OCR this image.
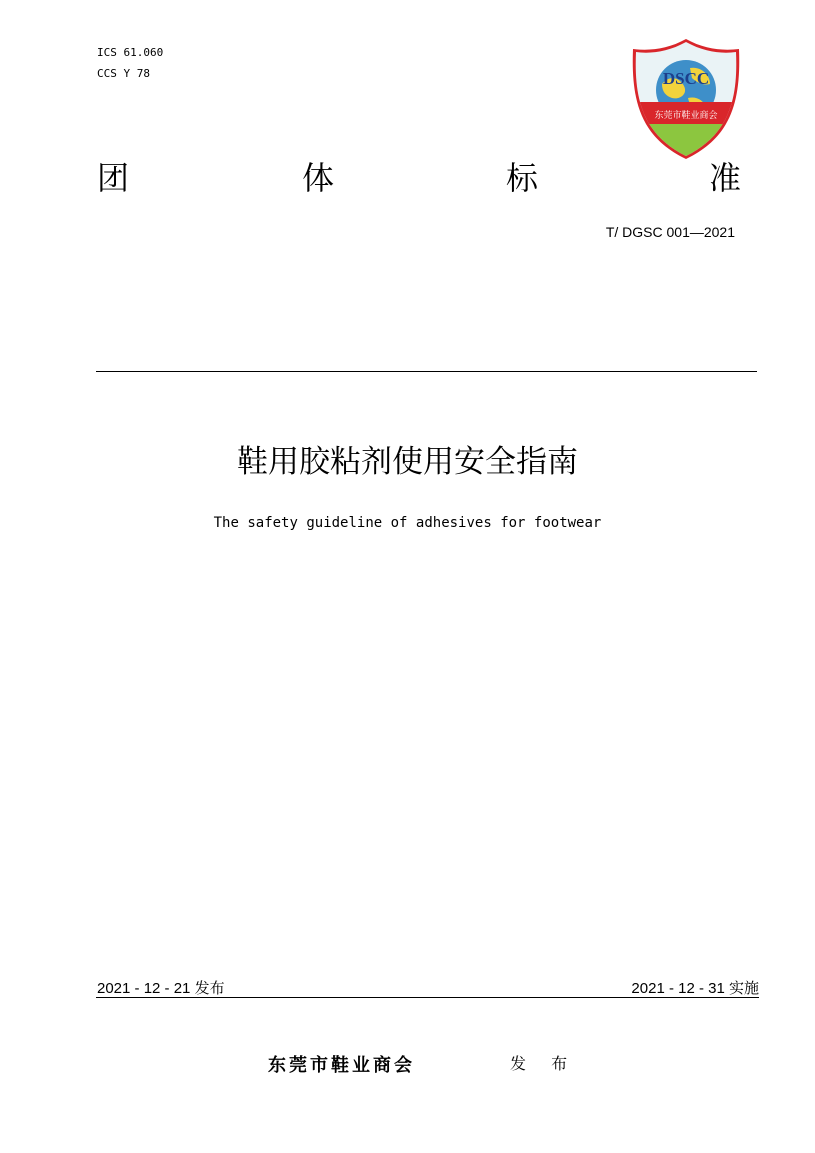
ICS 61.060
CCS Y 78	DSCC
东莞市鞋业商会
团	体	标	准
T/ DGSC 001—2021
鞋用胶粘剂使用安全指南
The safety guideline of adhesives for footwear
2021 - 12 - 21 发布	2021 - 12 - 31 实施
东莞市鞋业商会	发 布
